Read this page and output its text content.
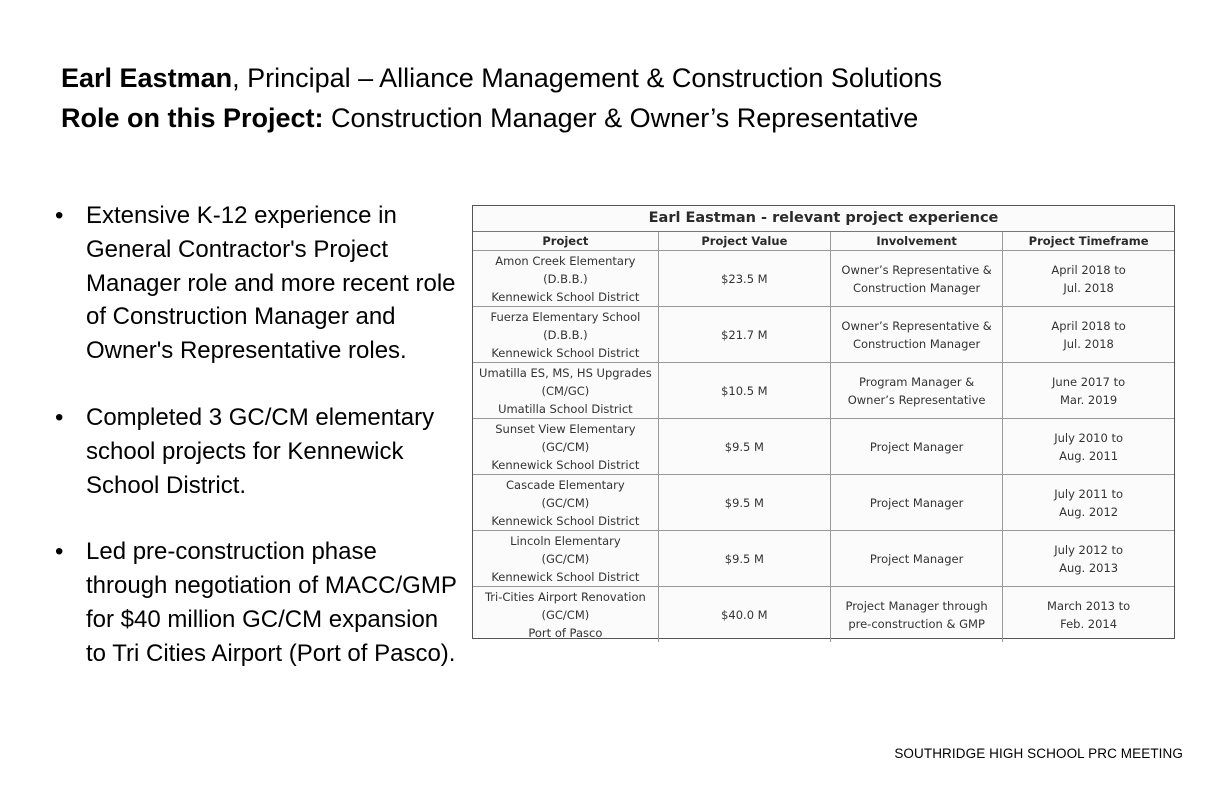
Earl Eastman, Principal – Alliance Management & Construction Solutions
Role on this Project: Construction Manager & Owner’s Representative
• Extensive K-12 experience in General Contractor's Project Manager role and more recent role of Construction Manager and Owner's Representative roles.
• Completed 3 GC/CM elementary school projects for Kennewick School District.
• Led pre-construction phase through negotiation of MACC/GMP for $40 million GC/CM expansion to Tri Cities Airport (Port of Pasco).
Earl Eastman - relevant project experience
Project	Project Value	Involvement	Project Timeframe

Amon Creek Elementary
(D.B.B.)
Kennewick School District	$23.5 M	Owner’s Representative &
Construction Manager	April 2018 to
Jul. 2018

Fuerza Elementary School
(D.B.B.)
Kennewick School District	$21.7 M	Owner’s Representative &
Construction Manager	April 2018 to
Jul. 2018

Umatilla ES, MS, HS Upgrades
(CM/GC)
Umatilla School District	$10.5 M	Program Manager &
Owner’s Representative	June 2017 to
Mar. 2019

Sunset View Elementary
(GC/CM)
Kennewick School District	$9.5 M	Project Manager	July 2010 to
Aug. 2011

Cascade Elementary
(GC/CM)
Kennewick School District	$9.5 M	Project Manager	July 2011 to
Aug. 2012

Lincoln Elementary
(GC/CM)
Kennewick School District	$9.5 M	Project Manager	July 2012 to
Aug. 2013

Tri-Cities Airport Renovation
(GC/CM)
Port of Pasco	$40.0 M	Project Manager through
pre-construction & GMP	March 2013 to
Feb. 2014
SOUTHRIDGE HIGH SCHOOL PRC MEETING
